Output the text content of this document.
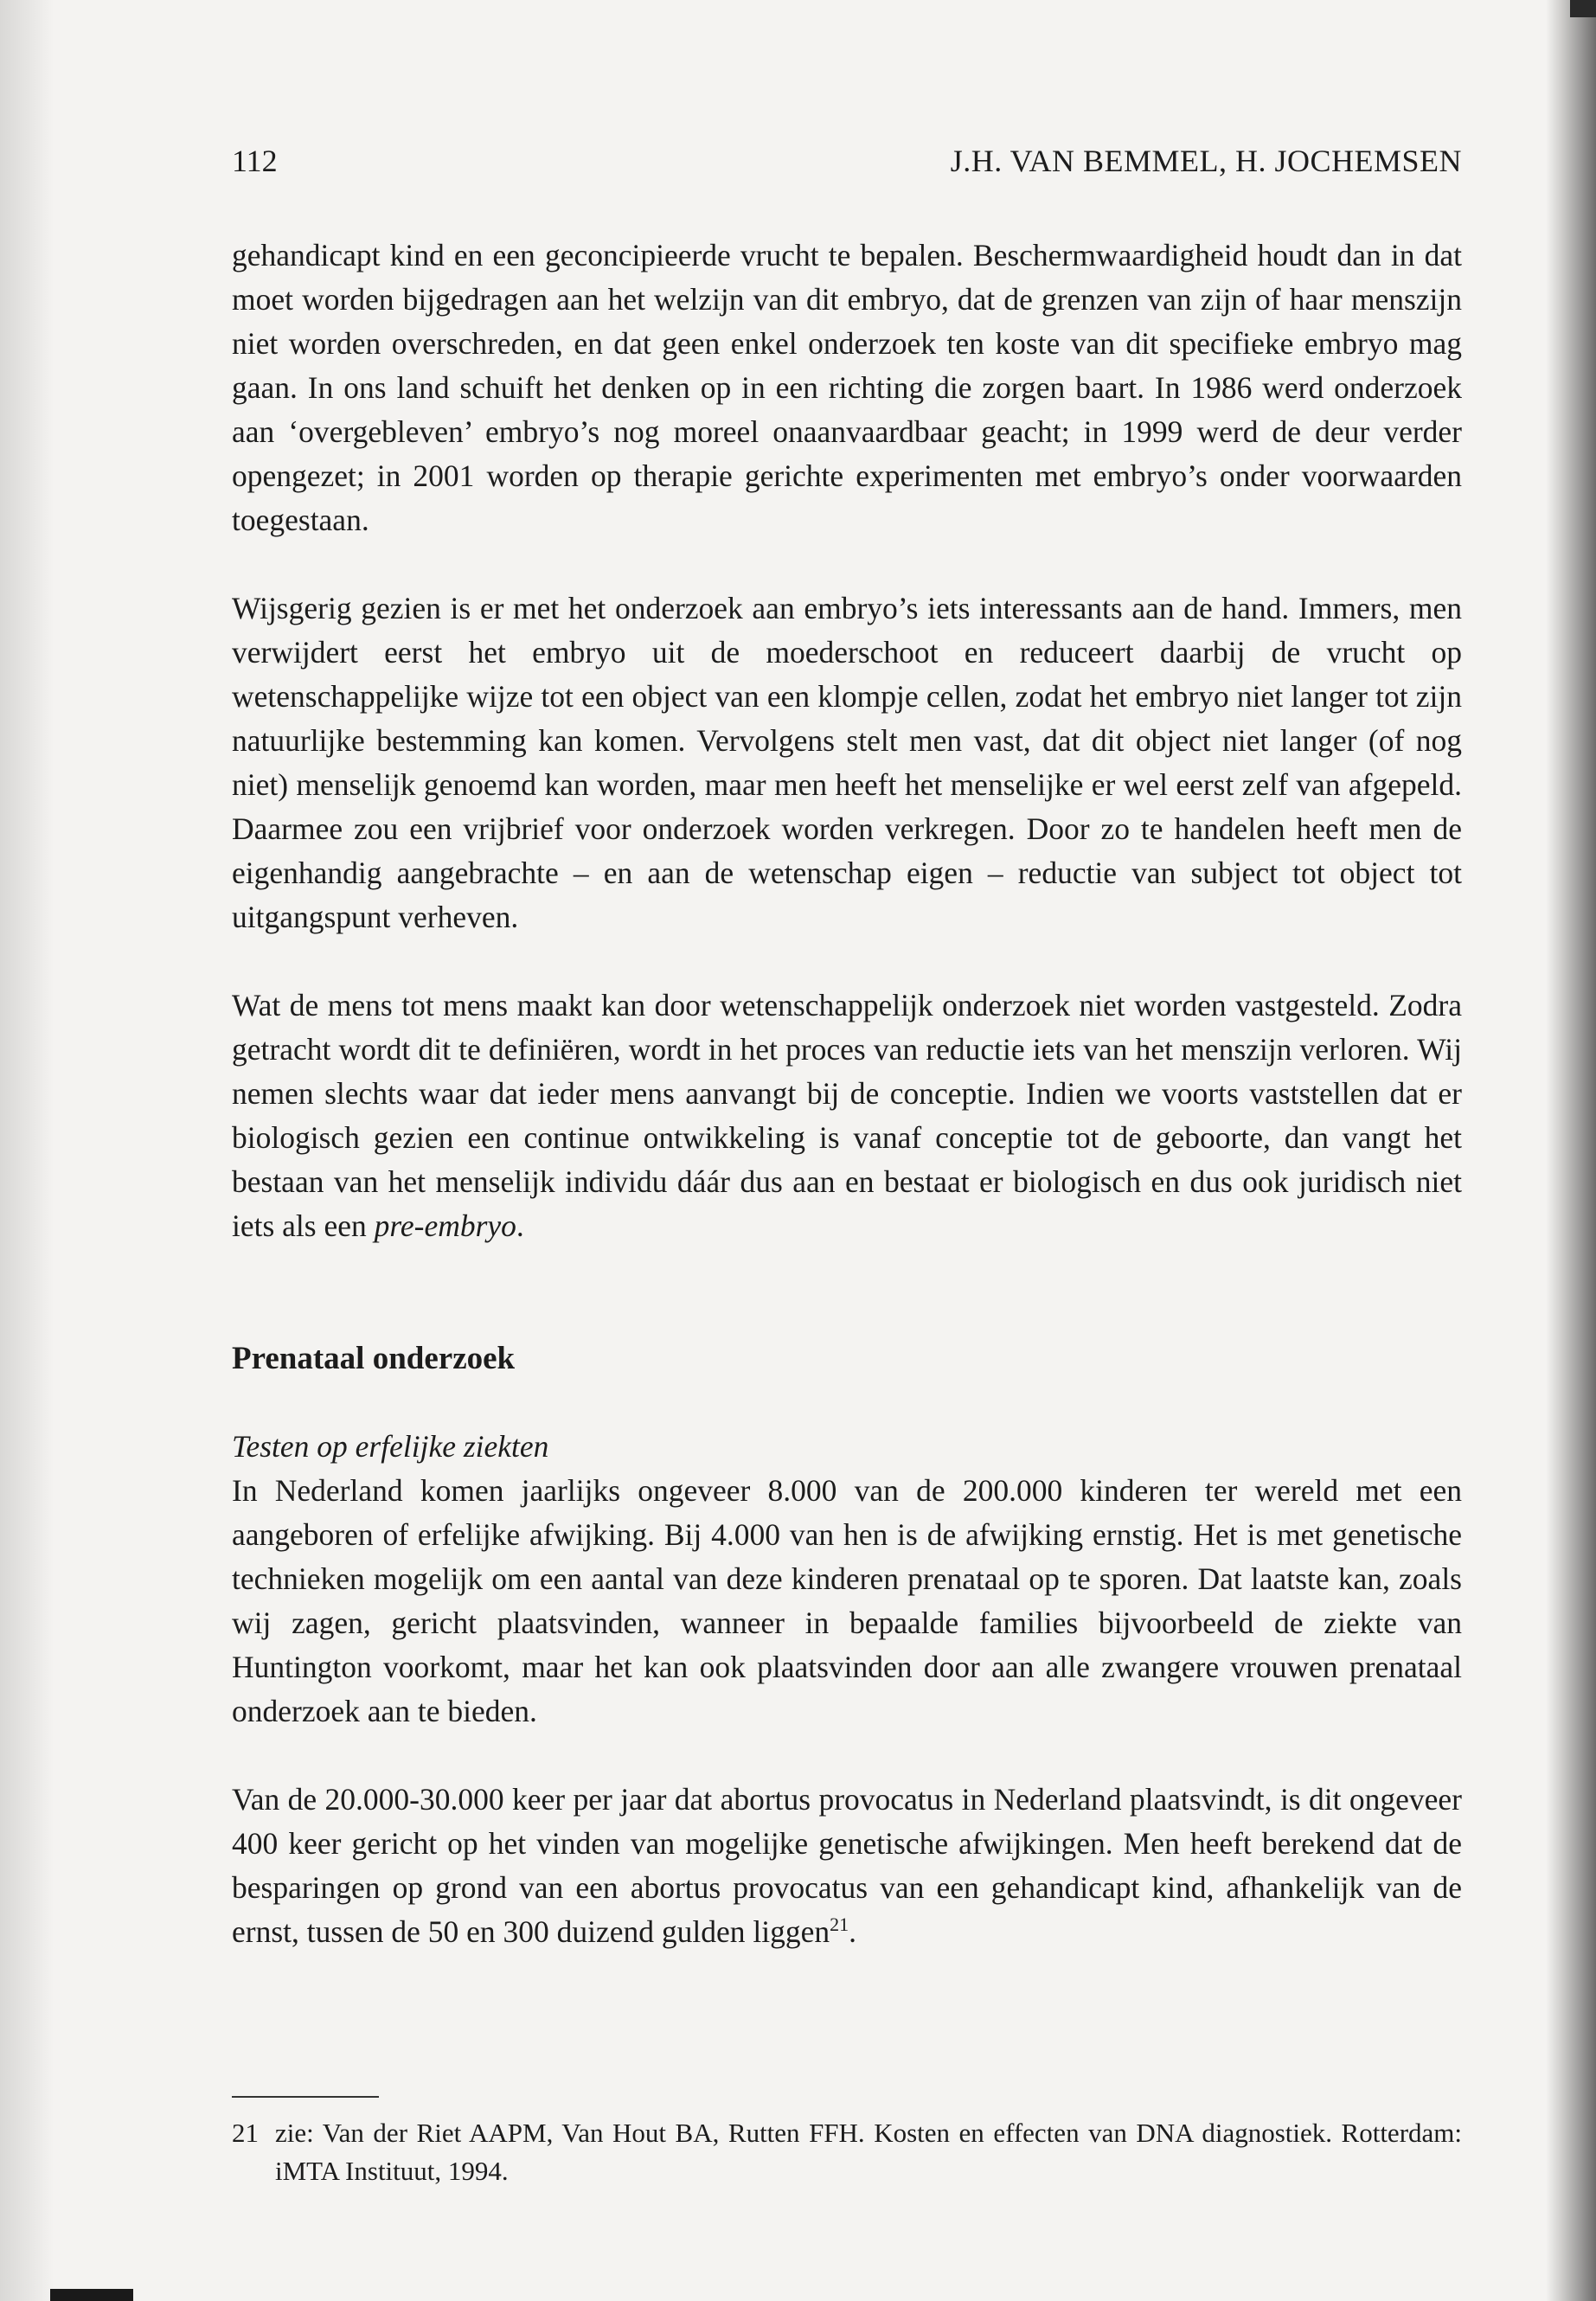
112	J.H. VAN BEMMEL, H. JOCHEMSEN

gehandicapt kind en een geconcipieerde vrucht te bepalen. Beschermwaardigheid houdt dan in dat moet worden bijgedragen aan het welzijn van dit embryo, dat de grenzen van zijn of haar menszijn niet worden overschreden, en dat geen enkel onderzoek ten koste van dit specifieke embryo mag gaan. In ons land schuift het denken op in een richting die zorgen baart. In 1986 werd onderzoek aan ‘overgebleven’ embryo’s nog moreel onaanvaardbaar geacht; in 1999 werd de deur verder opengezet; in 2001 worden op therapie gerichte experimenten met embryo’s onder voorwaarden toegestaan.

Wijsgerig gezien is er met het onderzoek aan embryo’s iets interessants aan de hand. Immers, men verwijdert eerst het embryo uit de moederschoot en reduceert daarbij de vrucht op wetenschappelijke wijze tot een object van een klompje cellen, zodat het embryo niet langer tot zijn natuurlijke bestemming kan komen. Vervolgens stelt men vast, dat dit object niet langer (of nog niet) menselijk genoemd kan worden, maar men heeft het menselijke er wel eerst zelf van afgepeld. Daarmee zou een vrijbrief voor onderzoek worden verkregen. Door zo te handelen heeft men de eigenhandig aangebrachte – en aan de wetenschap eigen – reductie van subject tot object tot uitgangspunt verheven.

Wat de mens tot mens maakt kan door wetenschappelijk onderzoek niet worden vastgesteld. Zodra getracht wordt dit te definiëren, wordt in het proces van reductie iets van het menszijn verloren. Wij nemen slechts waar dat ieder mens aanvangt bij de conceptie. Indien we voorts vaststellen dat er biologisch gezien een continue ontwikkeling is vanaf conceptie tot de geboorte, dan vangt het bestaan van het menselijk individu dáár dus aan en bestaat er biologisch en dus ook juridisch niet iets als een pre-embryo.

Prenataal onderzoek

Testen op erfelijke ziekten

In Nederland komen jaarlijks ongeveer 8.000 van de 200.000 kinderen ter wereld met een aangeboren of erfelijke afwijking. Bij 4.000 van hen is de afwijking ernstig. Het is met genetische technieken mogelijk om een aantal van deze kinderen prenataal op te sporen. Dat laatste kan, zoals wij zagen, gericht plaatsvinden, wanneer in bepaalde families bijvoorbeeld de ziekte van Huntington voorkomt, maar het kan ook plaatsvinden door aan alle zwangere vrouwen prenataal onderzoek aan te bieden.

Van de 20.000-30.000 keer per jaar dat abortus provocatus in Nederland plaatsvindt, is dit ongeveer 400 keer gericht op het vinden van mogelijke genetische afwijkingen. Men heeft berekend dat de besparingen op grond van een abortus provocatus van een gehandicapt kind, afhankelijk van de ernst, tussen de 50 en 300 duizend gulden liggen$^{21}$.

21 zie: Van der Riet AAPM, Van Hout BA, Rutten FFH. Kosten en effecten van DNA diagnostiek. Rotterdam: iMTA Instituut, 1994.
